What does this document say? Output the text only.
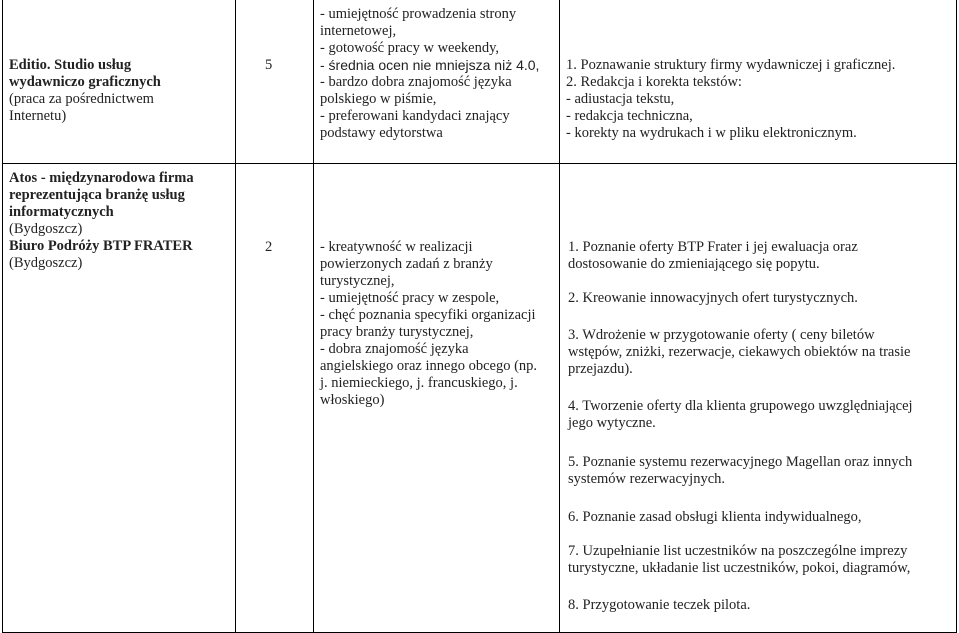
Editio. Studio usług
wydawniczo graficznych
(praca za pośrednictwem
Internetu)
5
- umiejętność prowadzenia strony
internetowej,
- gotowość pracy w weekendy,
- średnia ocen nie mniejsza niż 4.0,
- bardzo dobra znajomość języka
polskiego w piśmie,
- preferowani kandydaci znający
podstawy edytorstwa
1. Poznawanie struktury firmy wydawniczej i graficznej.
2. Redakcja i korekta tekstów:
- adiustacja tekstu,
- redakcja techniczna,
- korekty na wydrukach i w pliku elektronicznym.
Atos - międzynarodowa firma
reprezentująca branżę usług
informatycznych
(Bydgoszcz)
Biuro Podróży BTP FRATER
(Bydgoszcz)
2	- kreatywność w realizacji
powierzonych zadań z branży
turystycznej,
- umiejętność pracy w zespole,
- chęć poznania specyfiki organizacji
pracy branży turystycznej,
- dobra znajomość języka
angielskiego oraz innego obcego (np.
j. niemieckiego, j. francuskiego, j.
włoskiego)
1. Poznanie oferty BTP Frater i jej ewaluacja oraz
dostosowanie do zmieniającego się popytu.
2. Kreowanie innowacyjnych ofert turystycznych.
3. Wdrożenie w przygotowanie oferty ( ceny biletów
wstępów, zniżki, rezerwacje, ciekawych obiektów na trasie
przejazdu).
4. Tworzenie oferty dla klienta grupowego uwzględniającej
jego wytyczne.
5. Poznanie systemu rezerwacyjnego Magellan oraz innych
systemów rezerwacyjnych.
6. Poznanie zasad obsługi klienta indywidualnego,
7. Uzupełnianie list uczestników na poszczególne imprezy
turystyczne, układanie list uczestników, pokoi, diagramów,
8. Przygotowanie teczek pilota.
